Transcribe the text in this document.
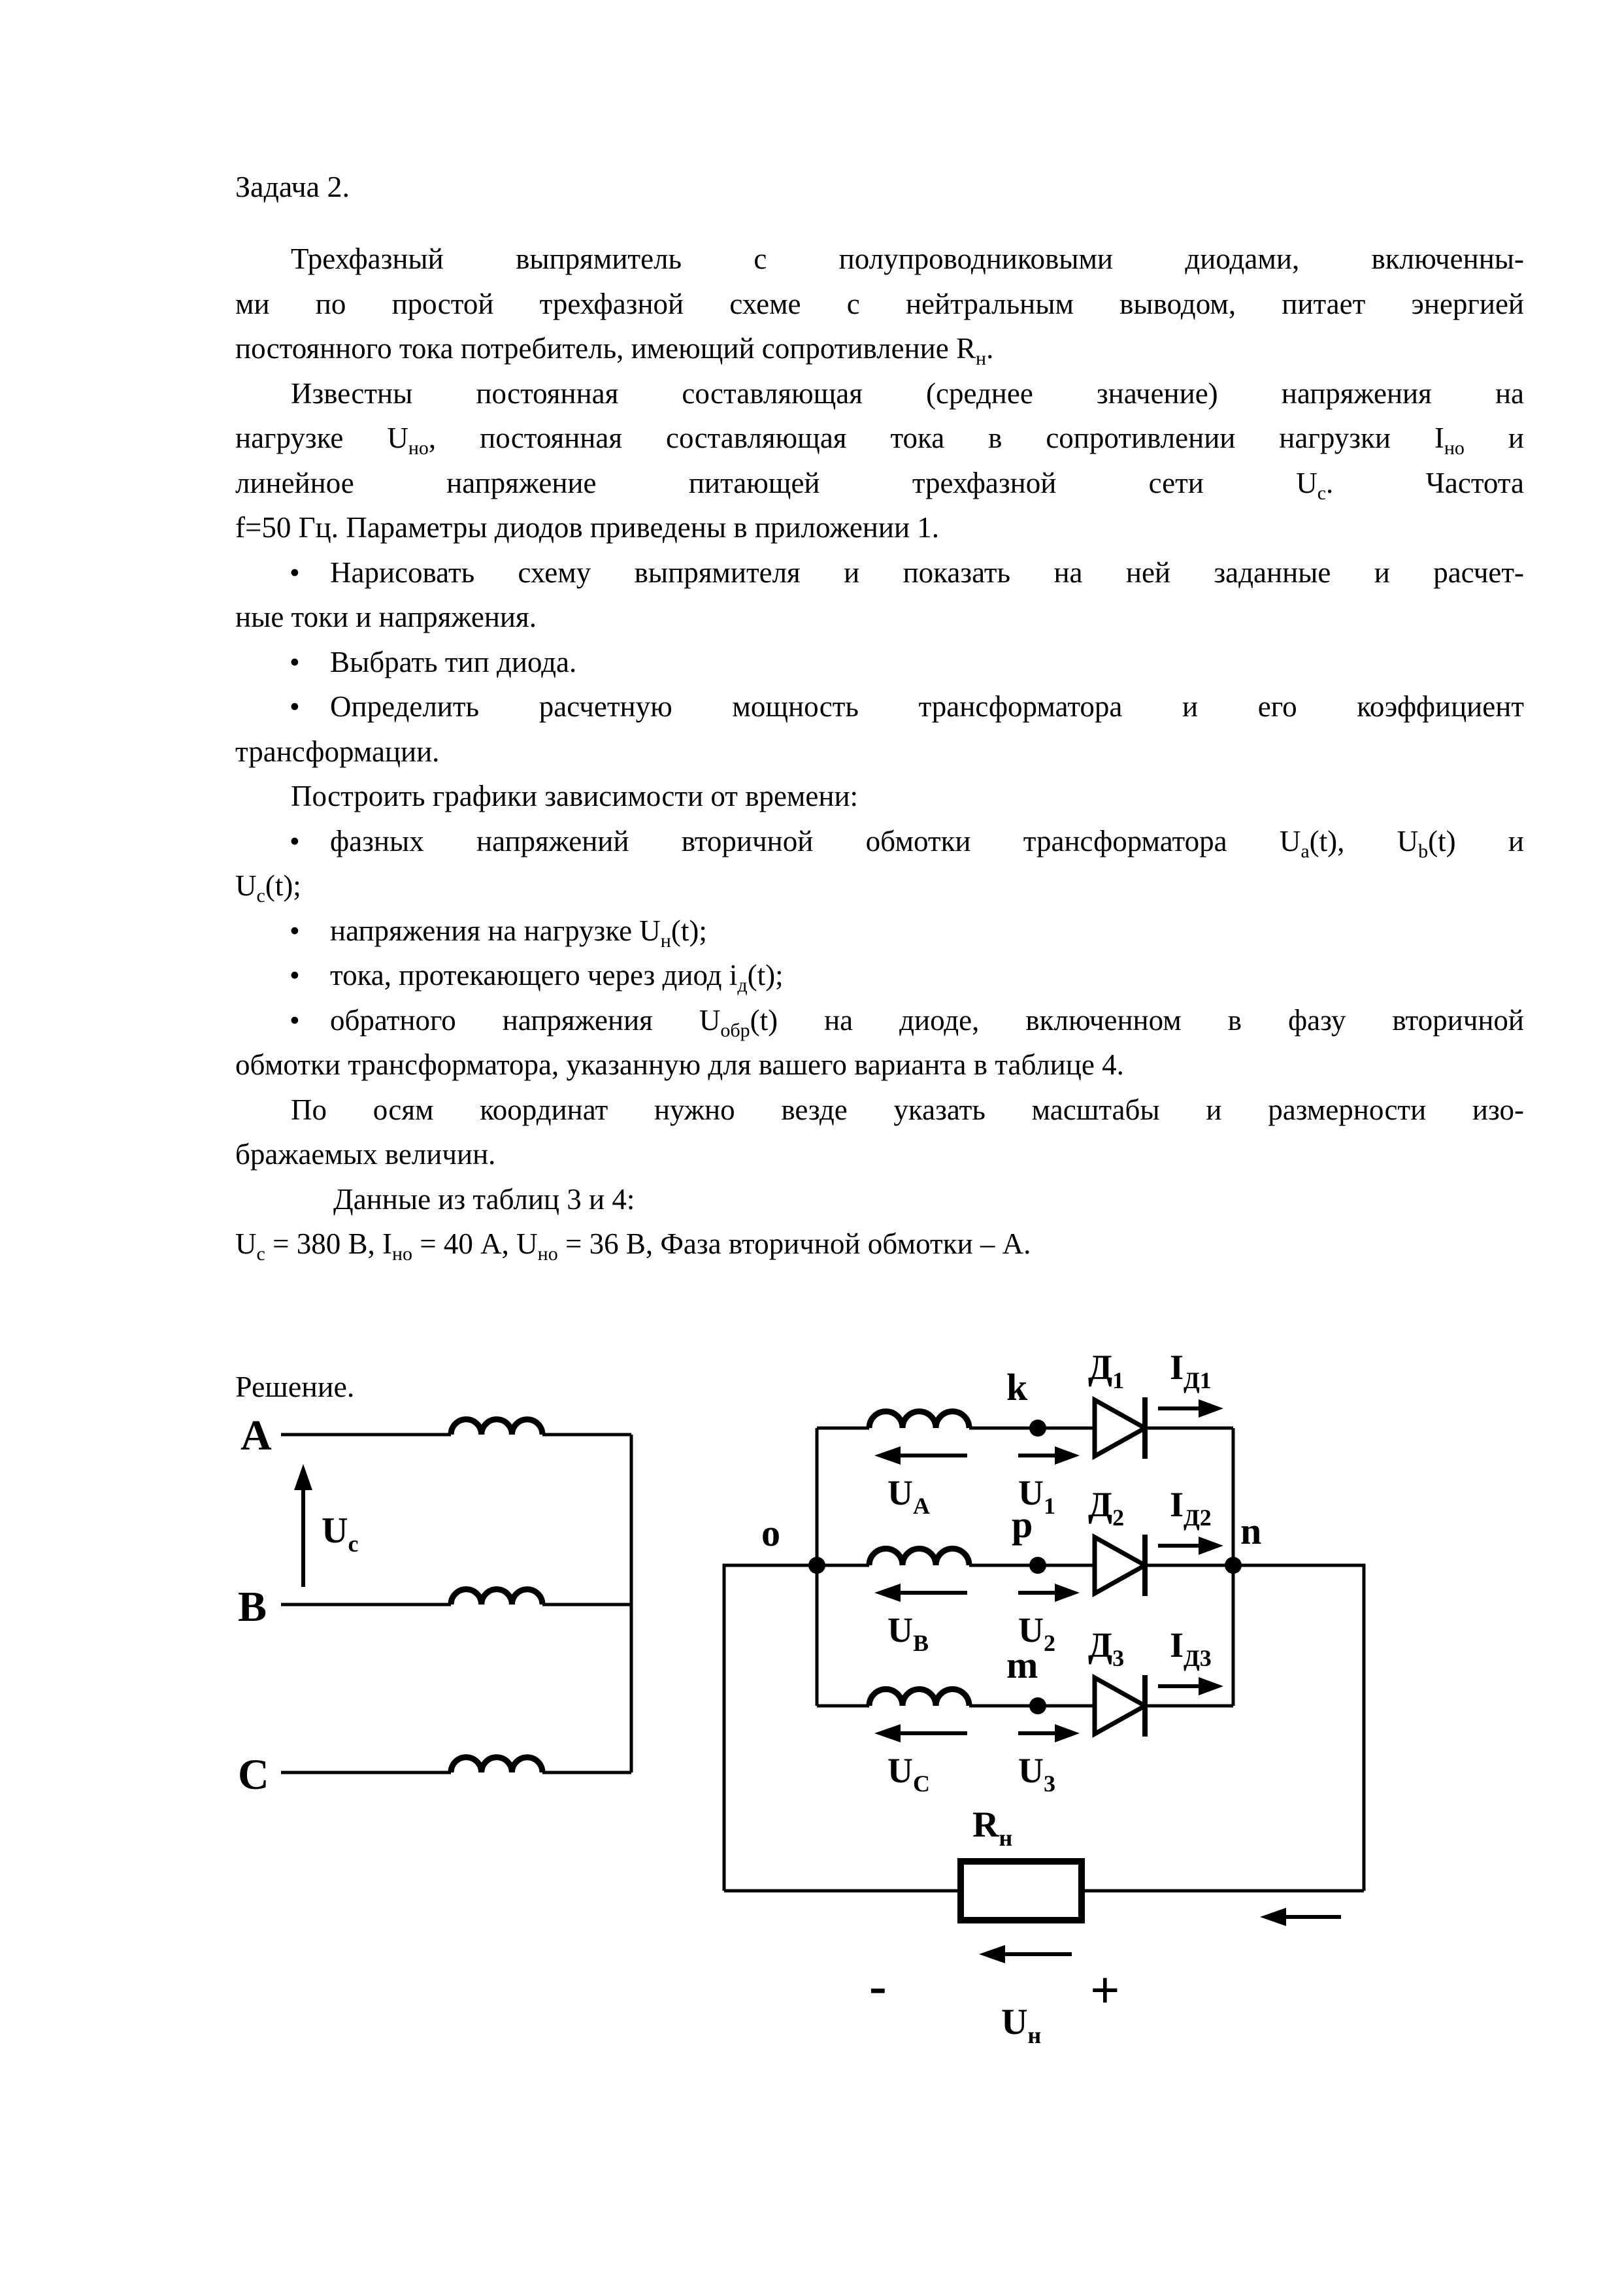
Задача 2.
Трехфазный выпрямитель с полупроводниковыми диодами, включенны-
ми по простой трехфазной схеме с нейтральным выводом, питает энергией
постоянного тока потребитель, имеющий сопротивление $R_н$.
Известны постоянная составляющая (среднее значение) напряжения на
нагрузке $U_{но}$, постоянная составляющая тока в сопротивлении нагрузки $I_{но}$ и
линейное напряжение питающей трехфазной сети $U_с$. Частота
f=50 Гц. Параметры диодов приведены в приложении 1.
• Нарисовать схему выпрямителя и показать на ней заданные и расчет-
ные токи и напряжения.
• Выбрать тип диода.
• Определить расчетную мощность трансформатора и его коэффициент
трансформации.
Построить графики зависимости от времени:
• фазных напряжений вторичной обмотки трансформатора $U_a(t)$, $U_b(t)$ и
$U_c(t)$;
• напряжения на нагрузке $U_н(t)$;
• тока, протекающего через диод $i_д(t)$;
• обратного напряжения $U_{обр}(t)$ на диоде, включенном в фазу вторичной
обмотки трансформатора, указанную для вашего варианта в таблице 4.
По осям координат нужно везде указать масштабы и размерности изо-
бражаемых величин.
Данные из таблиц 3 и 4:
$U_c = 380$ В, $I_{но} = 40$ А, $U_{но} = 36$ В, Фаза вторичной обмотки – А.
Решение.
A
B
C
$U_c$	o
$U_A$
k
$U_1$
$Д_1$ $I_{Д1}$
$U_B$
p
$U_2$
$Д_2$ $I_{Д2}$
$U_C$
m
$U_3$
$Д_3$ $I_{Д3}$
n
$R_н$
-
$U_н$
+
